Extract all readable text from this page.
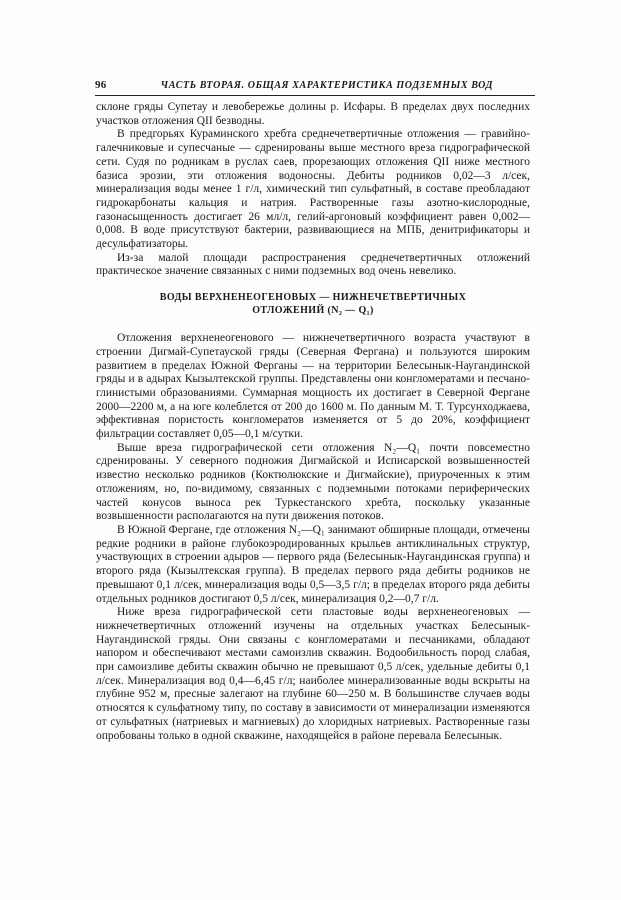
96	ЧАСТЬ ВТОРАЯ. ОБЩАЯ ХАРАКТЕРИСТИКА ПОДЗЕМНЫХ ВОД

склоне гряды Супетау и левобережье долины р. Исфары. В пределах двух последних участков отложения QII безводны.

В предгорьях Кураминского хребта среднечетвертичные отложения — гравийно-галечниковые и супесчаные — сдренированы выше местного вреза гидрографической сети. Судя по родникам в руслах саев, прорезающих отложения QII ниже местного базиса эрозии, эти отложения водоносны. Дебиты родников 0,02—3 л/сек, минерализация воды менее 1 г/л, химический тип сульфатный, в составе преобладают гидрокарбонаты кальция и натрия. Растворенные газы азотно-кислородные, газонасыщенность достигает 26 мл/л, гелий-аргоновый коэффициент равен 0,002—0,008. В воде присутствуют бактерии, развивающиеся на МПБ, денитрификаторы и десульфатизаторы.

Из-за малой площади распространения среднечетвертичных отложений практическое значение связанных с ними подземных вод очень невелико.

ВОДЫ ВЕРХНЕНЕОГЕНОВЫХ — НИЖНЕЧЕТВЕРТИЧНЫХ
ОТЛОЖЕНИЙ (N₂ — Q₁)

Отложения верхненеогенового — нижнечетвертичного возраста участвуют в строении Дигмай-Супетауской гряды (Северная Фергана) и пользуются широким развитием в пределах Южной Ферганы — на территории Белесынык-Наугандинской гряды и в адырах Кызылтекской группы. Представлены они конгломератами и песчано-глинистыми образованиями. Суммарная мощность их достигает в Северной Фергане 2000—2200 м, а на юге колеблется от 200 до 1600 м. По данным М. Т. Турсунходжаева, эффективная пористость конгломератов изменяется от 5 до 20%, коэффициент фильтрации составляет 0,05—0,1 м/сутки.

Выше вреза гидрографической сети отложения N₂—Q₁ почти повсеместно сдренированы. У северного подножия Дигмайской и Исписарской возвышенностей известно несколько родников (Коктюлюкские и Дигмайские), приуроченных к этим отложениям, но, по-видимому, связанных с подземными потоками периферических частей конусов выноса рек Туркестанского хребта, поскольку указанные возвышенности располагаются на пути движения потоков.

В Южной Фергане, где отложения N₂—Q₁ занимают обширные площади, отмечены редкие родники в районе глубокоэродированных крыльев антиклинальных структур, участвующих в строении адыров — первого ряда (Белесынык-Наугандинская группа) и второго ряда (Кызылтекская группа). В пределах первого ряда дебиты родников не превышают 0,1 л/сек, минерализация воды 0,5—3,5 г/л; в пределах второго ряда дебиты отдельных родников достигают 0,5 л/сек, минерализация 0,2—0,7 г/л.

Ниже вреза гидрографической сети пластовые воды верхненеогеновых — нижнечетвертичных отложений изучены на отдельных участках Белесынык-Наугандинской гряды. Они связаны с конгломератами и песчаниками, обладают напором и обеспечивают местами самоизлив скважин. Водообильность пород слабая, при самоизливе дебиты скважин обычно не превышают 0,5 л/сек, удельные дебиты 0,1 л/сек. Минерализация вод 0,4—6,45 г/л; наиболее минерализованные воды вскрыты на глубине 952 м, пресные залегают на глубине 60—250 м. В большинстве случаев воды относятся к сульфатному типу, по составу в зависимости от минерализации изменяются от сульфатных (натриевых и магниевых) до хлоридных натриевых. Растворенные газы опробованы только в одной скважине, находящейся в районе перевала Белесынык.
